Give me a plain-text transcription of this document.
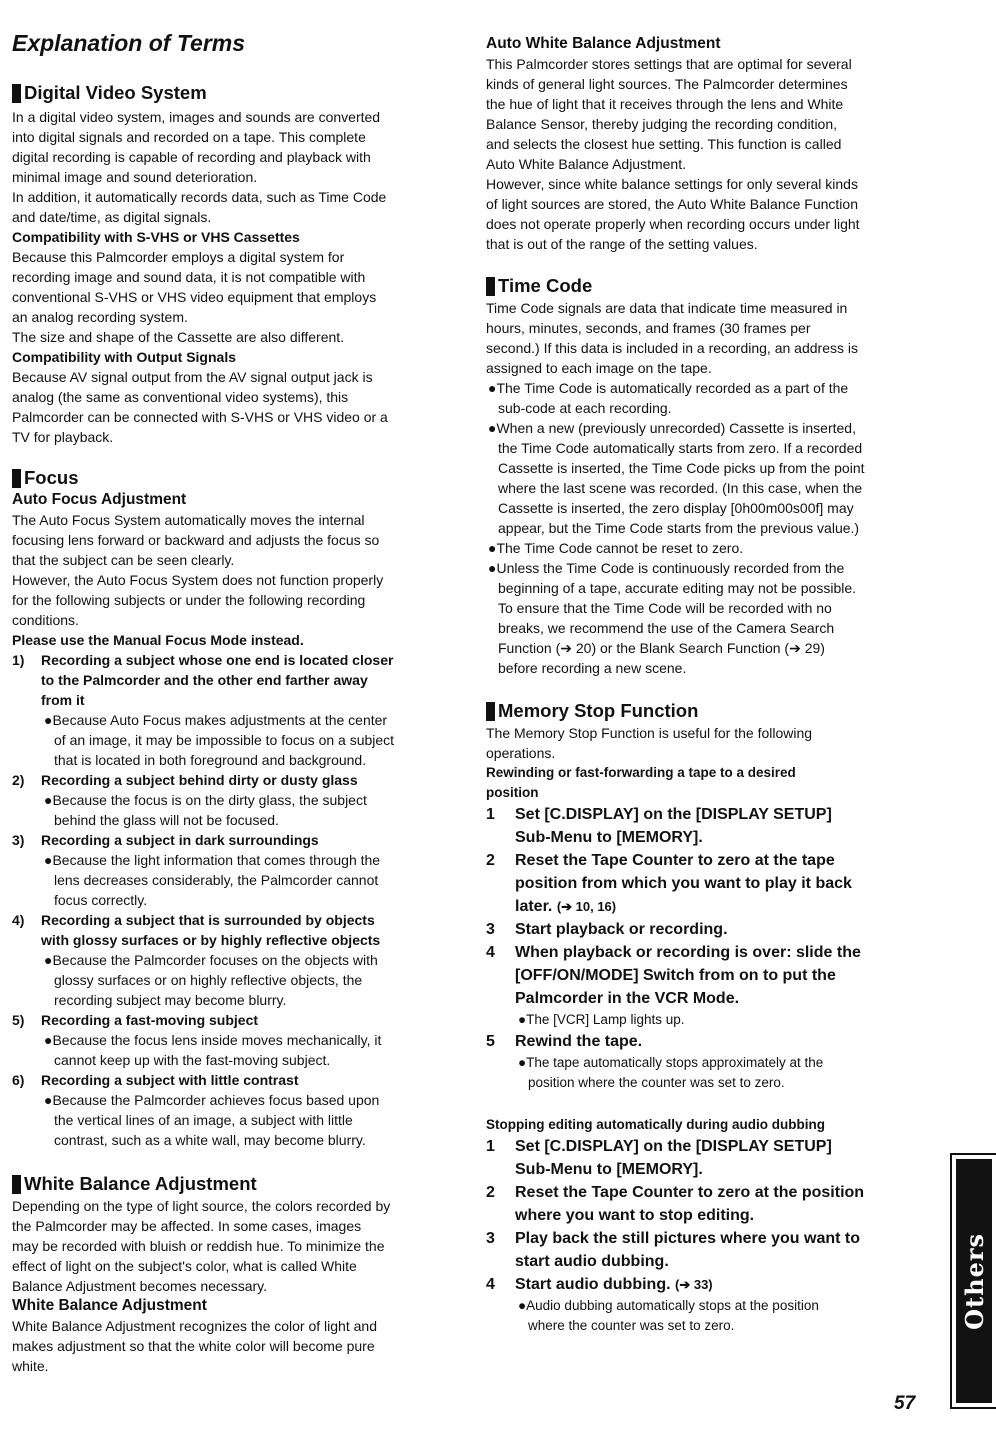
Explanation of Terms
Digital Video System

In a digital video system, images and sounds are converted

into digital signals and recorded on a tape. This complete

digital recording is capable of recording and playback with

minimal image and sound deterioration.

In addition, it automatically records data, such as Time Code

and date/time, as digital signals.

Compatibility with S-VHS or VHS Cassettes

Because this Palmcorder employs a digital system for

recording image and sound data, it is not compatible with

conventional S-VHS or VHS video equipment that employs

an analog recording system.

The size and shape of the Cassette are also different.

Compatibility with Output Signals

Because AV signal output from the AV signal output jack is

analog (the same as conventional video systems), this

Palmcorder can be connected with S-VHS or VHS video or a

TV for playback.

Focus

Auto Focus Adjustment

The Auto Focus System automatically moves the internal

focusing lens forward or backward and adjusts the focus so

that the subject can be seen clearly.

However, the Auto Focus System does not function properly

for the following subjects or under the following recording

conditions.

Please use the Manual Focus Mode instead.

1)	Recording a subject whose one end is located closer
to the Palmcorder and the other end farther away
from it

●Because Auto Focus makes adjustments at the center

of an image, it may be impossible to focus on a subject

that is located in both foreground and background.

2)	Recording a subject behind dirty or dusty glass

●Because the focus is on the dirty glass, the subject

behind the glass will not be focused.

3)	Recording a subject in dark surroundings

●Because the light information that comes through the

lens decreases considerably, the Palmcorder cannot

focus correctly.

4)	Recording a subject that is surrounded by objects
with glossy surfaces or by highly reflective objects

●Because the Palmcorder focuses on the objects with

glossy surfaces or on highly reflective objects, the

recording subject may become blurry.

5)	Recording a fast-moving subject

●Because the focus lens inside moves mechanically, it

cannot keep up with the fast-moving subject.

6)	Recording a subject with little contrast

●Because the Palmcorder achieves focus based upon

the vertical lines of an image, a subject with little

contrast, such as a white wall, may become blurry.

White Balance Adjustment

Depending on the type of light source, the colors recorded by

the Palmcorder may be affected. In some cases, images

may be recorded with bluish or reddish hue. To minimize the

effect of light on the subject's color, what is called White

Balance Adjustment becomes necessary.

White Balance Adjustment

White Balance Adjustment recognizes the color of light and

makes adjustment so that the white color will become pure

white.

Auto White Balance Adjustment

This Palmcorder stores settings that are optimal for several

kinds of general light sources. The Palmcorder determines

the hue of light that it receives through the lens and White

Balance Sensor, thereby judging the recording condition,

and selects the closest hue setting. This function is called

Auto White Balance Adjustment.

However, since white balance settings for only several kinds

of light sources are stored, the Auto White Balance Function

does not operate properly when recording occurs under light

that is out of the range of the setting values.

Time Code

Time Code signals are data that indicate time measured in

hours, minutes, seconds, and frames (30 frames per

second.) If this data is included in a recording, an address is

assigned to each image on the tape.

●The Time Code is automatically recorded as a part of the

sub-code at each recording.

●When a new (previously unrecorded) Cassette is inserted,

the Time Code automatically starts from zero. If a recorded

Cassette is inserted, the Time Code picks up from the point

where the last scene was recorded. (In this case, when the

Cassette is inserted, the zero display [0h00m00s00f] may

appear, but the Time Code starts from the previous value.)

●The Time Code cannot be reset to zero.

●Unless the Time Code is continuously recorded from the

beginning of a tape, accurate editing may not be possible.

To ensure that the Time Code will be recorded with no

breaks, we recommend the use of the Camera Search

Function (➔ 20) or the Blank Search Function (➔ 29)

before recording a new scene.

Memory Stop Function

The Memory Stop Function is useful for the following

operations.

Rewinding or fast-forwarding a tape to a desired

position

1	Set [C.DISPLAY] on the [DISPLAY SETUP]
Sub-Menu to [MEMORY].
2	Reset the Tape Counter to zero at the tape
position from which you want to play it back
later. (➔ 10, 16)
3	Start playback or recording.
4	When playback or recording is over: slide the
[OFF/ON/MODE] Switch from on to put the
Palmcorder in the VCR Mode.

●The [VCR] Lamp lights up.

5	Rewind the tape.

●The tape automatically stops approximately at the

position where the counter was set to zero.

Stopping editing automatically during audio dubbing

1	Set [C.DISPLAY] on the [DISPLAY SETUP]
Sub-Menu to [MEMORY].
2	Reset the Tape Counter to zero at the position
where you want to stop editing.
3	Play back the still pictures where you want to
start audio dubbing.
4	Start audio dubbing. (➔ 33)

●Audio dubbing automatically stops at the position

where the counter was set to zero.	Others
57
